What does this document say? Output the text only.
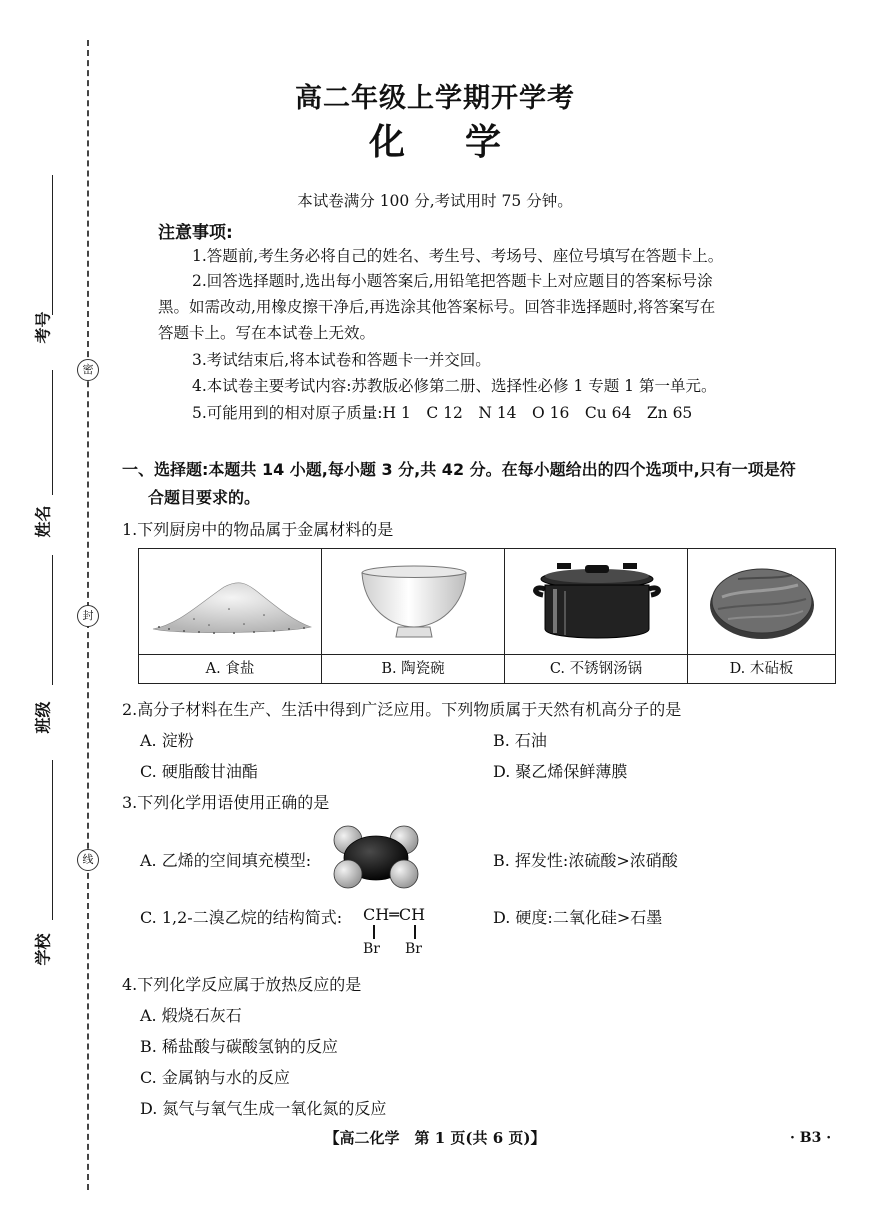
考号
姓名
班级
学校
密
封
线
高二年级上学期开学考
化学
本试卷满分 100 分,考试用时 75 分钟。
注意事项:
1.答题前,考生务必将自己的姓名、考生号、考场号、座位号填写在答题卡上。
2.回答选择题时,选出每小题答案后,用铅笔把答题卡上对应题目的答案标号涂
黑。如需改动,用橡皮擦干净后,再选涂其他答案标号。回答非选择题时,将答案写在
答题卡上。写在本试卷上无效。
3.考试结束后,将本试卷和答题卡一并交回。
4.本试卷主要考试内容:苏教版必修第二册、选择性必修 1 专题 1 第一单元。
5.可能用到的相对原子质量:H 1　C 12　N 14　O 16　Cu 64　Zn 65
一、选择题:本题共 14 小题,每小题 3 分,共 42 分。在每小题给出的四个选项中,只有一项是符
合题目要求的。
1.下列厨房中的物品属于金属材料的是
A. 食盐	B. 陶瓷碗	C. 不锈钢汤锅	D. 木砧板
2.高分子材料在生产、生活中得到广泛应用。下列物质属于天然有机高分子的是
A. 淀粉	B. 石油
C. 硬脂酸甘油酯	D. 聚乙烯保鲜薄膜
3.下列化学用语使用正确的是
A. 乙烯的空间填充模型:	B. 挥发性:浓硫酸>浓硝酸
C. 1,2-二溴乙烷的结构简式: CH═CH
Br Br
D. 硬度:二氧化硅>石墨
4.下列化学反应属于放热反应的是
A. 煅烧石灰石
B. 稀盐酸与碳酸氢钠的反应
C. 金属钠与水的反应
D. 氮气与氧气生成一氧化氮的反应
【高二化学　第 1 页(共 6 页)】	· B3 ·
